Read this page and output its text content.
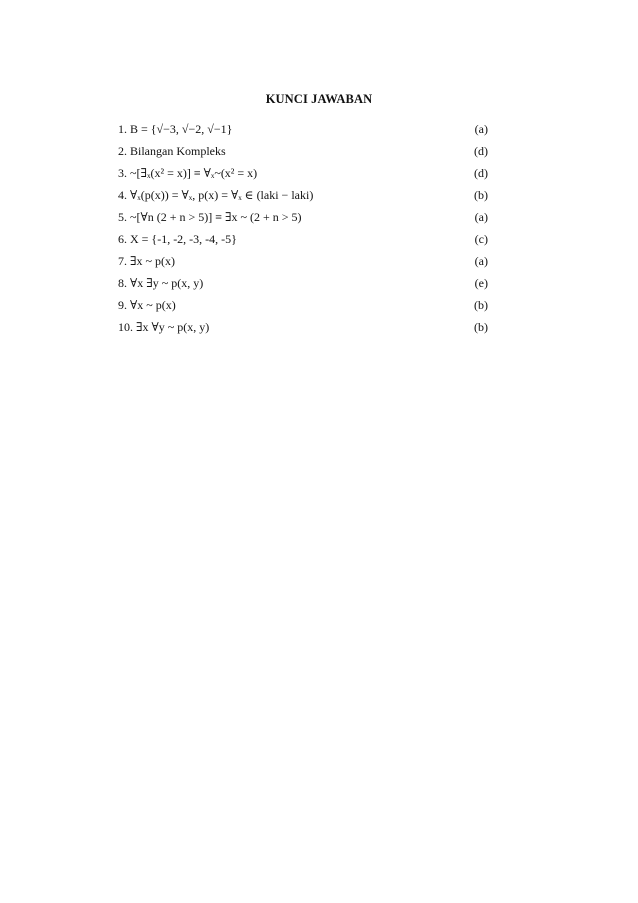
KUNCI JAWABAN
1. B = {√−3, √−2, √−1}	(a)
2. Bilangan Kompleks	(d)
3. ~[∃ₓ(x² = x)] ≡ ∀ₓ~(x² = x)	(d)
4. ∀ₓ(p(x)) = ∀ₓ, p(x) = ∀ₓ ∈ (laki − laki)	(b)
5. ~[∀n (2 + n > 5)] ≡ ∃x ~ (2 + n > 5)	(a)
6. X = {-1, -2, -3, -4, -5}	(c)
7. ∃x ~ p(x)	(a)
8. ∀x ∃y ~ p(x, y)	(e)
9. ∀x ~ p(x)	(b)
10. ∃x ∀y ~ p(x, y)	(b)
